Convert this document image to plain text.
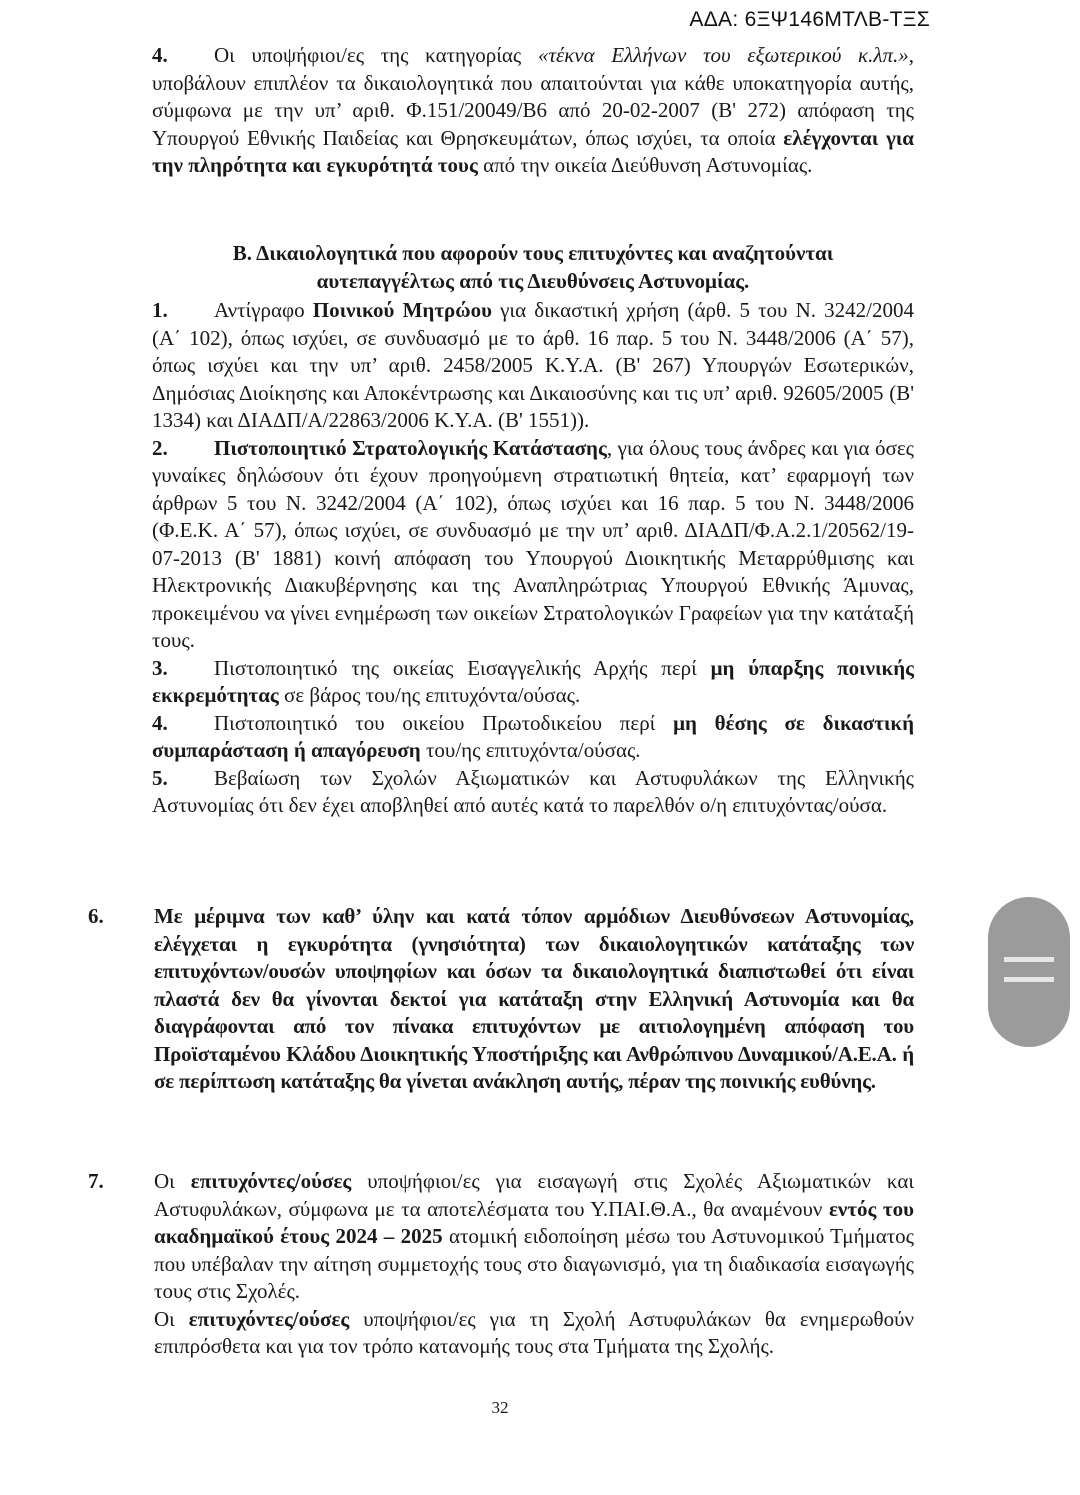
ΑΔΑ: 6ΞΨ146ΜΤΛΒ-ΤΞΣ

4. Οι υποψήφιοι/ες της κατηγορίας «τέκνα Ελλήνων του εξωτερικού κ.λπ.», υποβάλουν επιπλέον τα δικαιολογητικά που απαιτούνται για κάθε υποκατηγορία αυτής, σύμφωνα με την υπ’ αριθ. Φ.151/20049/Β6 από 20-02-2007 (Β' 272) απόφαση της Υπουργού Εθνικής Παιδείας και Θρησκευμάτων, όπως ισχύει, τα οποία ελέγχονται για την πληρότητα και εγκυρότητά τους από την οικεία Διεύθυνση Αστυνομίας.

Β. Δικαιολογητικά που αφορούν τους επιτυχόντες και αναζητούνται
αυτεπαγγέλτως από τις Διευθύνσεις Αστυνομίας.

1. Αντίγραφο Ποινικού Μητρώου για δικαστική χρήση (άρθ. 5 του Ν. 3242/2004 (Α΄ 102), όπως ισχύει, σε συνδυασμό με το άρθ. 16 παρ. 5 του Ν. 3448/2006 (Α΄ 57), όπως ισχύει και την υπ’ αριθ. 2458/2005 Κ.Υ.Α. (Β' 267) Υπουργών Εσωτερικών, Δημόσιας Διοίκησης και Αποκέντρωσης και Δικαιοσύνης και τις υπ’ αριθ. 92605/2005 (Β' 1334) και ΔΙΑΔΠ/Α/22863/2006 Κ.Υ.Α. (Β' 1551)).

2. Πιστοποιητικό Στρατολογικής Κατάστασης, για όλους τους άνδρες και για όσες γυναίκες δηλώσουν ότι έχουν προηγούμενη στρατιωτική θητεία, κατ’ εφαρμογή των άρθρων 5 του Ν. 3242/2004 (Α΄ 102), όπως ισχύει και 16 παρ. 5 του Ν. 3448/2006 (Φ.Ε.Κ. Α΄ 57), όπως ισχύει, σε συνδυασμό με την υπ’ αριθ. ΔΙΑΔΠ/Φ.Α.2.1/20562/19-07-2013 (Β' 1881) κοινή απόφαση του Υπουργού Διοικητικής Μεταρρύθμισης και Ηλεκτρονικής Διακυβέρνησης και της Αναπληρώτριας Υπουργού Εθνικής Άμυνας, προκειμένου να γίνει ενημέρωση των οικείων Στρατολογικών Γραφείων για την κατάταξή τους.

3. Πιστοποιητικό της οικείας Εισαγγελικής Αρχής περί μη ύπαρξης ποινικής εκκρεμότητας σε βάρος του/ης επιτυχόντα/ούσας.

4. Πιστοποιητικό του οικείου Πρωτοδικείου περί μη θέσης σε δικαστική συμπαράσταση ή απαγόρευση του/ης επιτυχόντα/ούσας.

5. Βεβαίωση των Σχολών Αξιωματικών και Αστυφυλάκων της Ελληνικής Αστυνομίας ότι δεν έχει αποβληθεί από αυτές κατά το παρελθόν ο/η επιτυχόντας/ούσα.

6. Με μέριμνα των καθ’ ύλην και κατά τόπον αρμόδιων Διευθύνσεων Αστυνομίας, ελέγχεται η εγκυρότητα (γνησιότητα) των δικαιολογητικών κατάταξης των επιτυχόντων/ουσών υποψηφίων και όσων τα δικαιολογητικά διαπιστωθεί ότι είναι πλαστά δεν θα γίνονται δεκτοί για κατάταξη στην Ελληνική Αστυνομία και θα διαγράφονται από τον πίνακα επιτυχόντων με αιτιολογημένη απόφαση του Προϊσταμένου Κλάδου Διοικητικής Υποστήριξης και Ανθρώπινου Δυναμικού/Α.Ε.Α. ή σε περίπτωση κατάταξης θα γίνεται ανάκληση αυτής, πέραν της ποινικής ευθύνης.
7. Οι επιτυχόντες/ούσες υποψήφιοι/ες για εισαγωγή στις Σχολές Αξιωματικών και Αστυφυλάκων, σύμφωνα με τα αποτελέσματα του Υ.ΠΑΙ.Θ.Α., θα αναμένουν εντός του ακαδημαϊκού έτους 2024 – 2025 ατομική ειδοποίηση μέσω του Αστυνομικού Τμήματος που υπέβαλαν την αίτηση συμμετοχής τους στο διαγωνισμό, για τη διαδικασία εισαγωγής τους στις Σχολές.

Οι επιτυχόντες/ούσες υποψήφιοι/ες για τη Σχολή Αστυφυλάκων θα ενημερωθούν επιπρόσθετα και για τον τρόπο κατανομής τους στα Τμήματα της Σχολής.

32
